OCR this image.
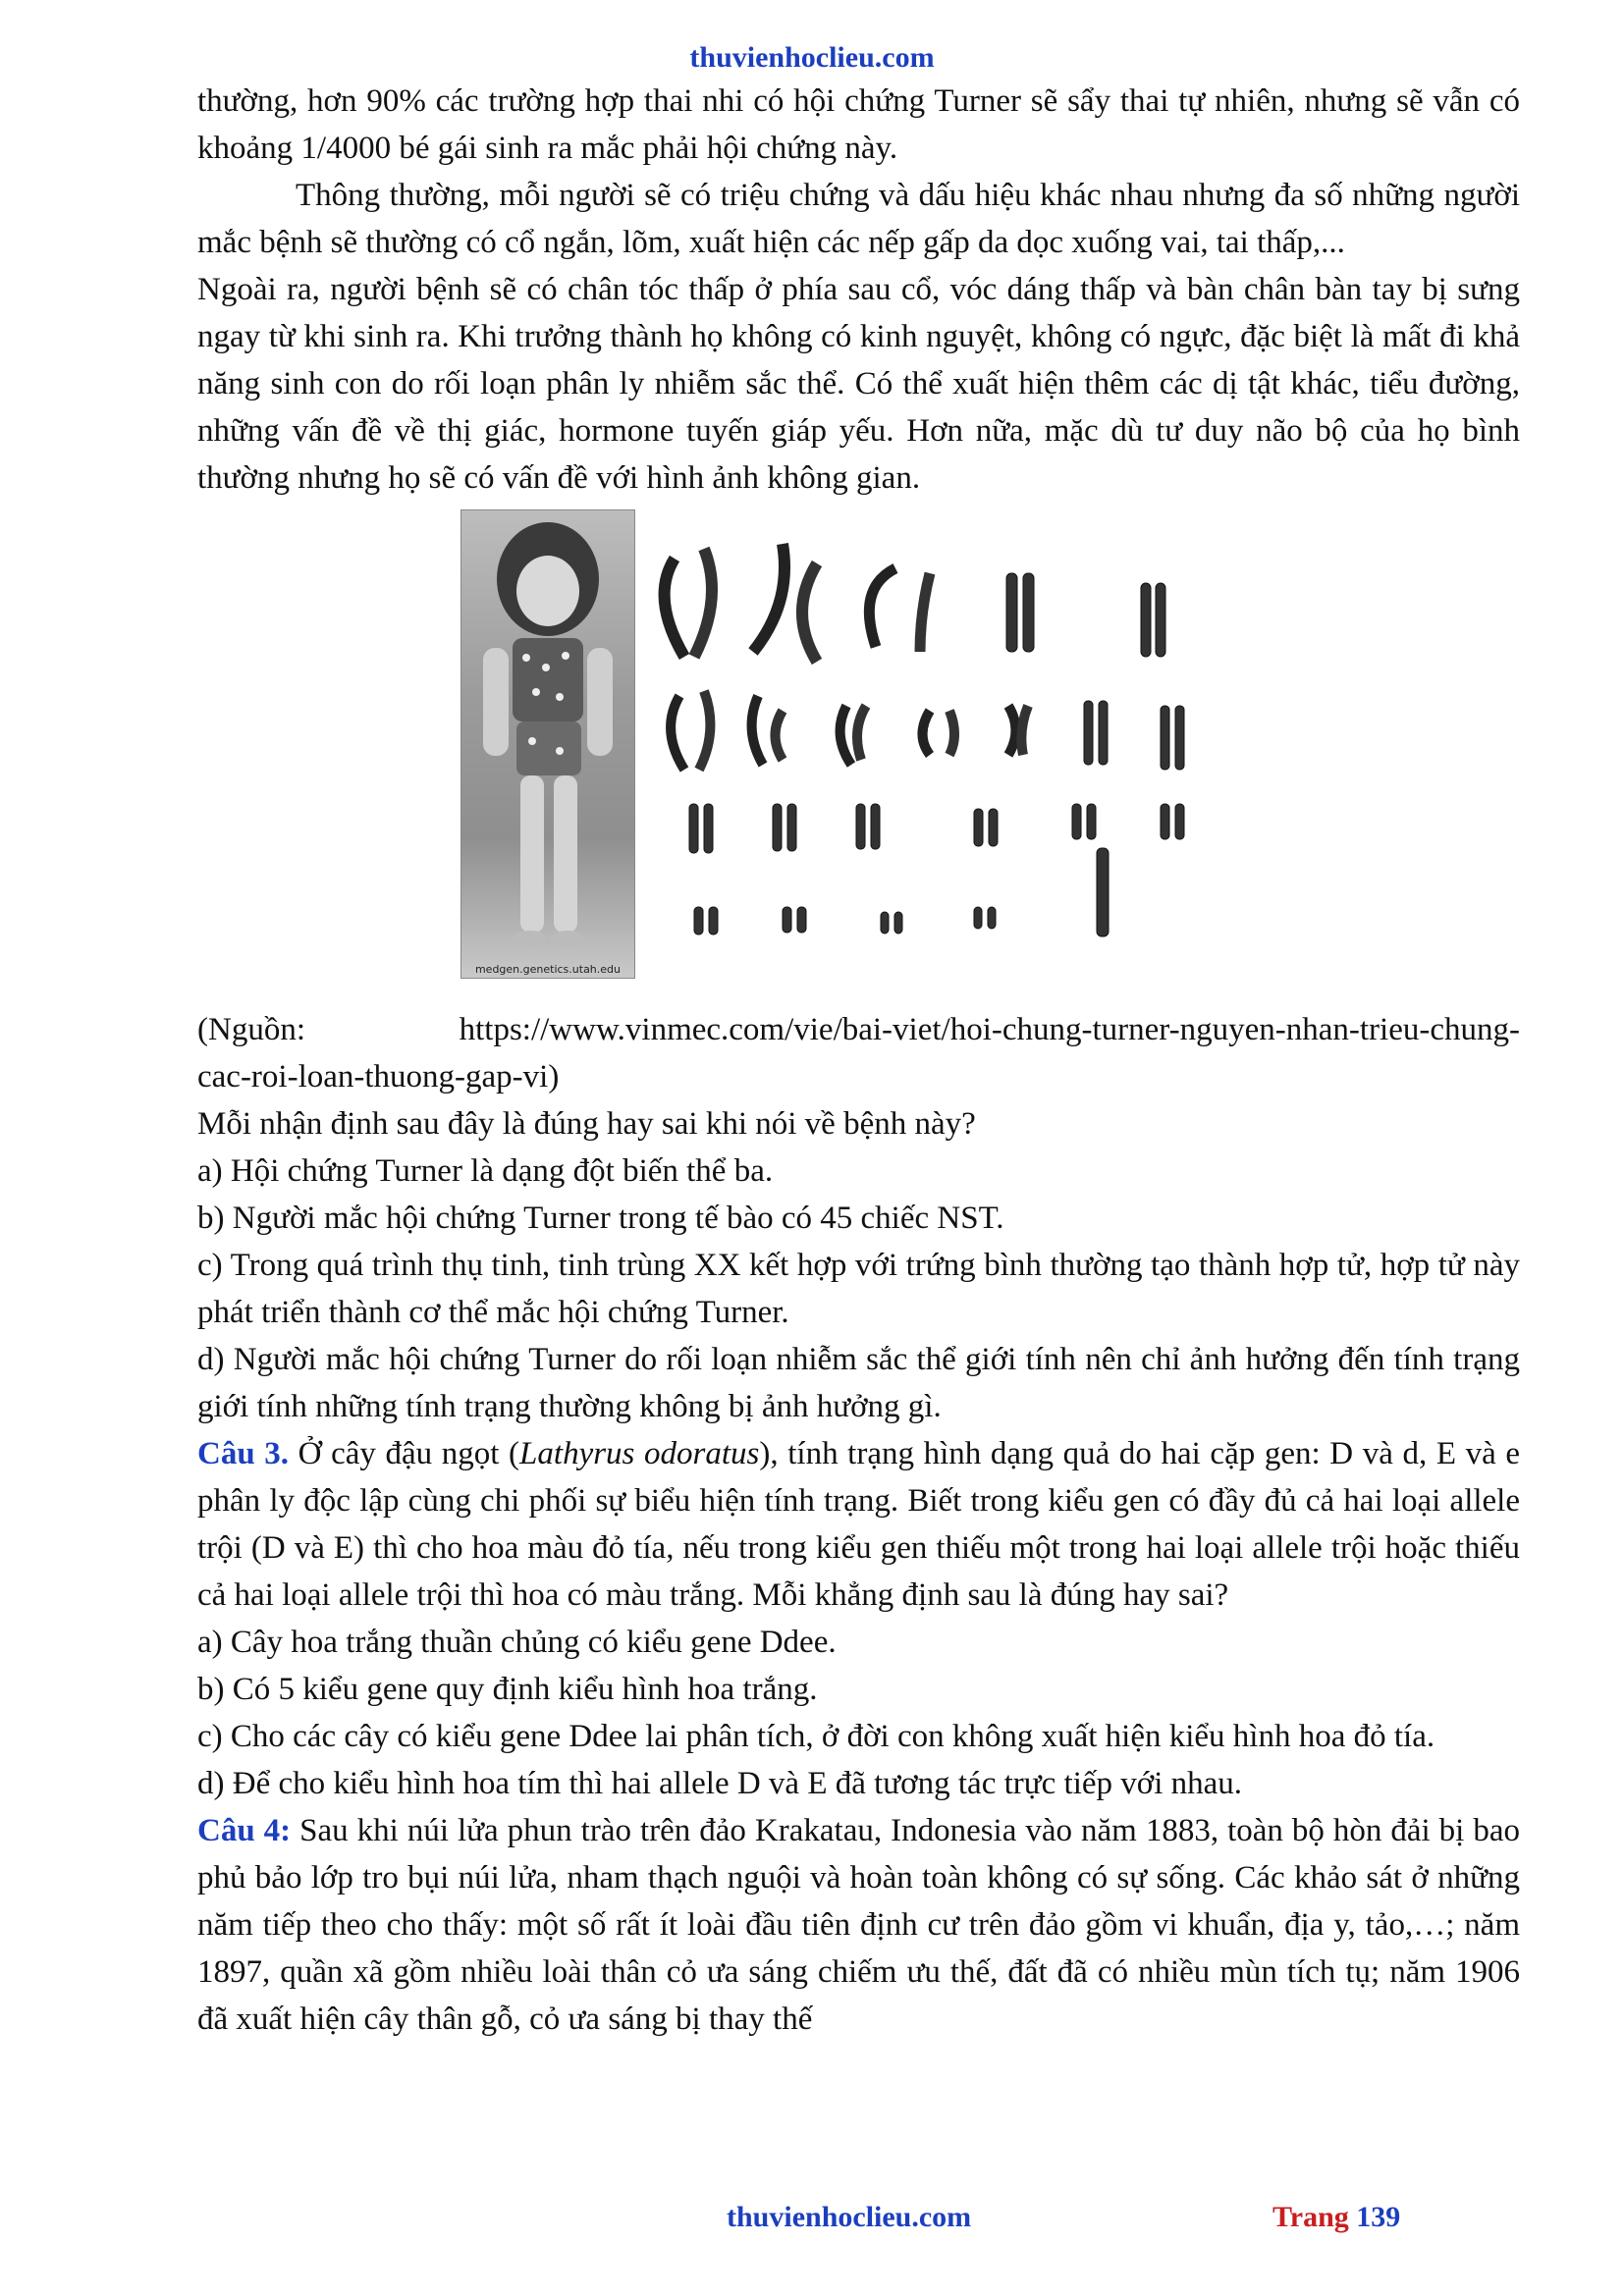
thuvienhoclieu.com

thường, hơn 90% các trường hợp thai nhi có hội chứng Turner sẽ sẩy thai tự nhiên, nhưng sẽ vẫn có khoảng 1/4000 bé gái sinh ra mắc phải hội chứng này.

Thông thường, mỗi người sẽ có triệu chứng và dấu hiệu khác nhau nhưng đa số những người mắc bệnh sẽ thường có cổ ngắn, lõm, xuất hiện các nếp gấp da dọc xuống vai, tai thấp,...

Ngoài ra, người bệnh sẽ có chân tóc thấp ở phía sau cổ, vóc dáng thấp và bàn chân bàn tay bị sưng ngay từ khi sinh ra. Khi trưởng thành họ không có kinh nguyệt, không có ngực, đặc biệt là mất đi khả năng sinh con do rối loạn phân ly nhiễm sắc thể. Có thể xuất hiện thêm các dị tật khác, tiểu đường, những vấn đề về thị giác, hormone tuyến giáp yếu. Hơn nữa, mặc dù tư duy não bộ của họ bình thường nhưng họ sẽ có vấn đề với hình ảnh không gian.

medgen.genetics.utah.edu

(Nguồn:	https://www.vinmec.com/vie/bai-viet/hoi-chung-turner-nguyen-nhan-trieu-chung-

cac-roi-loan-thuong-gap-vi)

Mỗi nhận định sau đây là đúng hay sai khi nói về bệnh này?

a) Hội chứng Turner là dạng đột biến thể ba.

b) Người mắc hội chứng Turner trong tế bào có 45 chiếc NST.

c) Trong quá trình thụ tinh, tinh trùng XX kết hợp với trứng bình thường tạo thành hợp tử, hợp tử này phát triển thành cơ thể mắc hội chứng Turner.

d) Người mắc hội chứng Turner do rối loạn nhiễm sắc thể giới tính nên chỉ ảnh hưởng đến tính trạng giới tính những tính trạng thường không bị ảnh hưởng gì.

Câu 3. Ở cây đậu ngọt (Lathyrus odoratus), tính trạng hình dạng quả do hai cặp gen: D và d, E và e phân ly độc lập cùng chi phối sự biểu hiện tính trạng. Biết trong kiểu gen có đầy đủ cả hai loại allele trội (D và E) thì cho hoa màu đỏ tía, nếu trong kiểu gen thiếu một trong hai loại allele trội hoặc thiếu cả hai loại allele trội thì hoa có màu trắng. Mỗi khẳng định sau là đúng hay sai?

a) Cây hoa trắng thuần chủng có kiểu gene Ddee.

b) Có 5 kiểu gene quy định kiểu hình hoa trắng.

c) Cho các cây có kiểu gene Ddee lai phân tích, ở đời con không xuất hiện kiểu hình hoa đỏ tía.

d) Để cho kiểu hình hoa tím thì hai allele D và E đã tương tác trực tiếp với nhau.

Câu 4: Sau khi núi lửa phun trào trên đảo Krakatau, Indonesia vào năm 1883, toàn bộ hòn đải bị bao phủ bảo lớp tro bụi núi lửa, nham thạch nguội và hoàn toàn không có sự sống. Các khảo sát ở những năm tiếp theo cho thấy: một số rất ít loài đầu tiên định cư trên đảo gồm vi khuẩn, địa y, tảo,…; năm 1897, quần xã gồm nhiều loài thân cỏ ưa sáng chiếm ưu thế, đất đã có nhiều mùn tích tụ; năm 1906 đã xuất hiện cây thân gỗ, cỏ ưa sáng bị thay thế

thuvienhoclieu.com	Trang 139
